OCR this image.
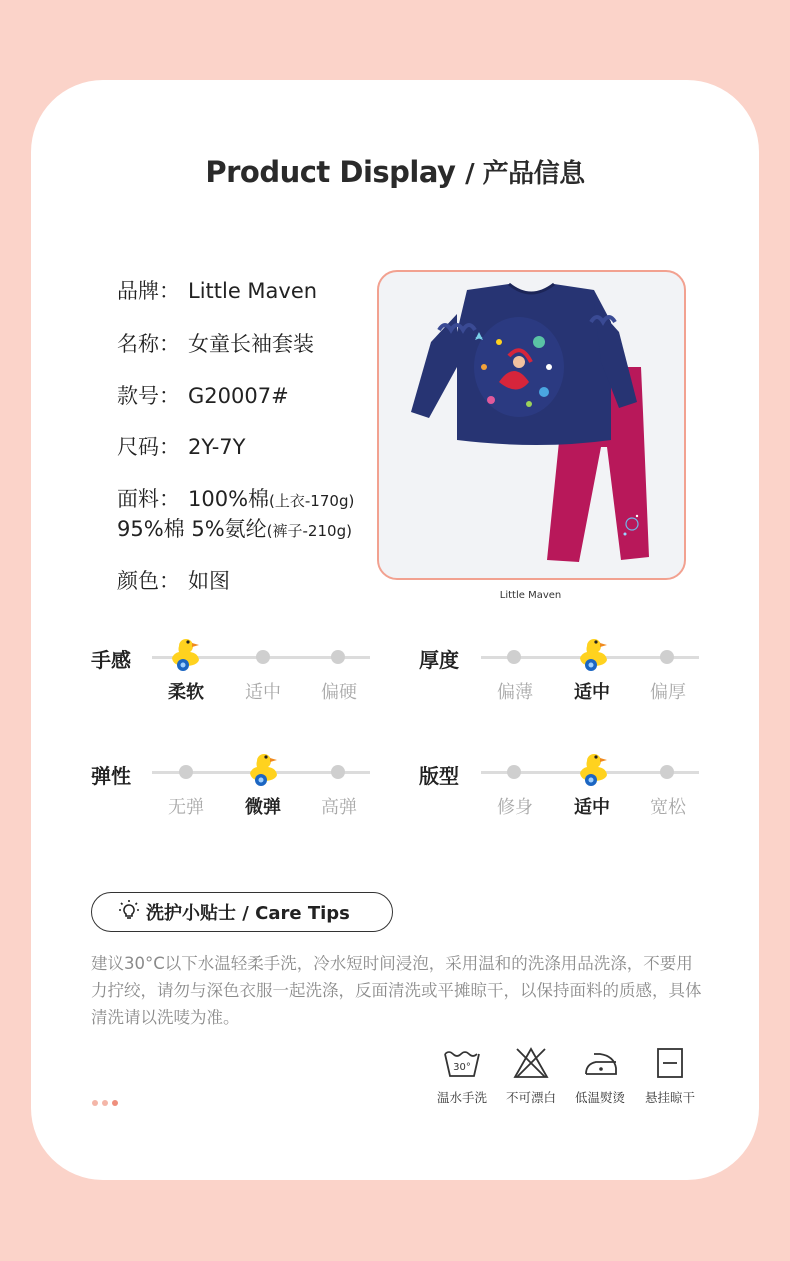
Product Display / 产品信息
品牌： Little Maven
名称： 女童长袖套装
款号： G20007#
尺码： 2Y-7Y
面料： 100%棉(上衣-170g)
95%棉 5%氨纶(裤子-210g)
颜色： 如图
Little Maven
手感
柔软	适中	偏硬
厚度
偏薄	适中	偏厚
弹性
无弹	微弹	高弹
版型
修身	适中	宽松
洗护小贴士 / Care Tips
建议30°C以下水温轻柔手洗，冷水短时间浸泡，采用温和的洗涤用品洗涤，不要用力拧绞，请勿与深色衣服一起洗涤，反面清洗或平摊晾干，以保持面料的质感，具体清洗请以洗唛为准。
30°
温水手洗	不可漂白	低温熨烫	悬挂晾干
